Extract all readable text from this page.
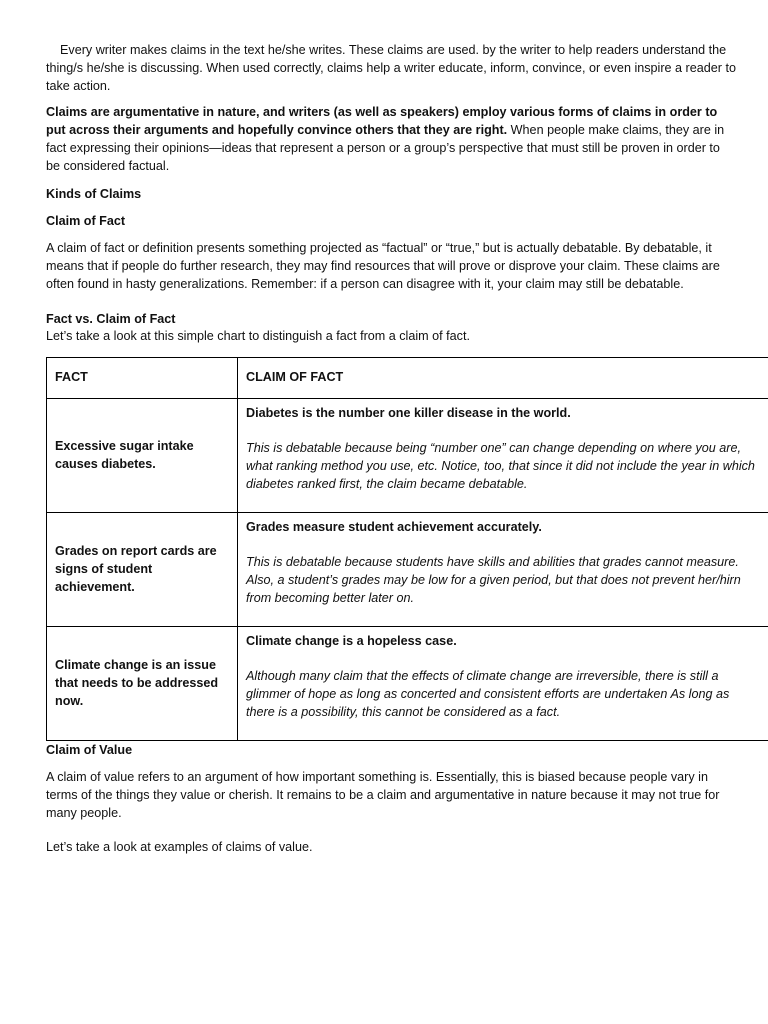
Every writer makes claims in the text he/she writes. These claims are used. by the writer to help readers understand the thing/s he/she is discussing. When used correctly, claims help a writer educate, inform, convince, or even inspire a reader to take action.

Claims are argumentative in nature, and writers (as well as speakers) employ various forms of claims in order to put across their arguments and hopefully convince others that they are right. When people make claims, they are in fact expressing their opinions—ideas that represent a person or a group’s perspective that must still be proven in order to be considered factual.

Kinds of Claims

Claim of Fact

A claim of fact or definition presents something projected as “factual” or “true,” but is actually debatable. By debatable, it means that if people do further research, they may find resources that will prove or disprove your claim. These claims are often found in hasty generalizations. Remember: if a person can disagree with it, your claim may still be debatable.

Fact vs. Claim of Fact

Let’s take a look at this simple chart to distinguish a fact from a claim of fact.

FACT	CLAIM OF FACT
Excessive sugar intake causes diabetes.	Diabetes is the number one killer disease in the world.
This is debatable because being “number one” can change depending on where you are, what ranking method you use, etc. Notice, too, that since it did not include the year in which diabetes ranked first, the claim became debatable.

Grades on report cards are signs of student achievement.	Grades measure student achievement accurately.
This is debatable because students have skills and abilities that grades cannot measure. Also, a student’s grades may be low for a given period, but that does not prevent her/hirn from becoming better later on.

Climate change is an issue that needs to be addressed now.	Climate change is a hopeless case.
Although many claim that the effects of climate change are irreversible, there is still a glimmer of hope as long as concerted and consistent efforts are undertaken As long as there is a possibility, this cannot be considered as a fact.

Claim of Value

A claim of value refers to an argument of how important something is. Essentially, this is biased because people vary in terms of the things they value or cherish. It remains to be a claim and argumentative in nature because it may not true for many people.

Let’s take a look at examples of claims of value.
